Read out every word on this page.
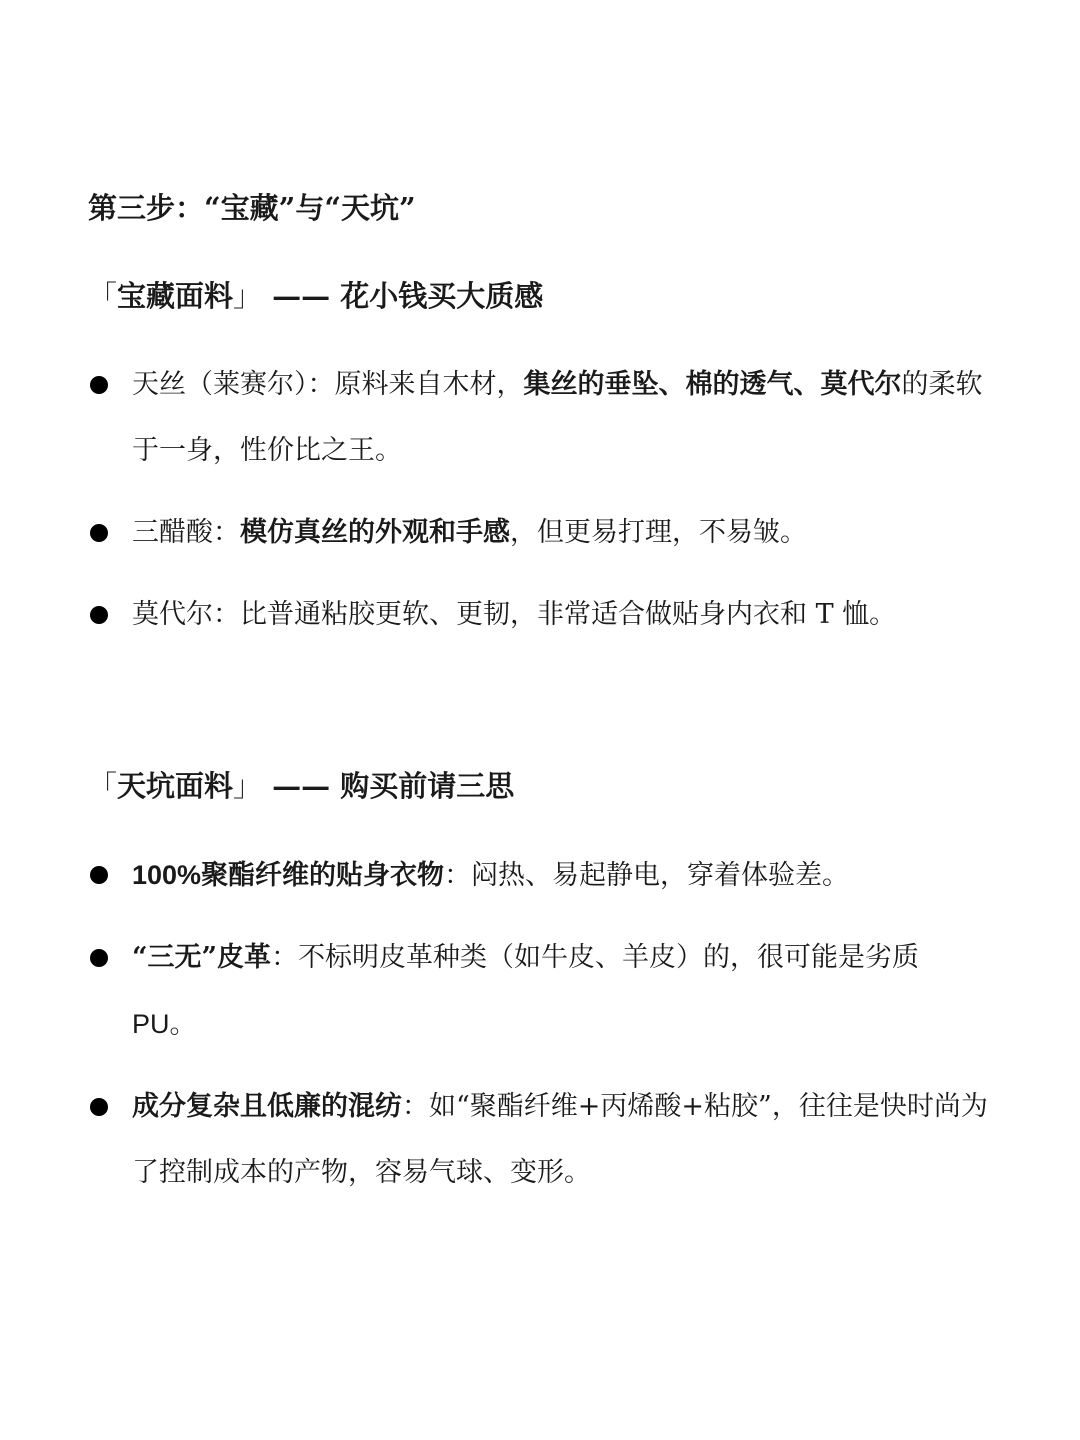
第三步：“宝藏”与“天坑”
「宝藏面料」 —— 花小钱买大质感
天丝（莱赛尔）：原料来自木材，集丝的垂坠、棉的透气、莫代尔的柔软于一身，性价比之王。
三醋酸：模仿真丝的外观和手感，但更易打理，不易皱。
莫代尔：比普通粘胶更软、更韧，非常适合做贴身内衣和 T 恤。
「天坑面料」 —— 购买前请三思
100%聚酯纤维的贴身衣物：闷热、易起静电，穿着体验差。
“三无”皮革：不标明皮革种类（如牛皮、羊皮）的，很可能是劣质
PU。
成分复杂且低廉的混纺：如“聚酯纤维+丙烯酸+粘胶”，往往是快时尚为了控制成本的产物，容易气球、变形。
